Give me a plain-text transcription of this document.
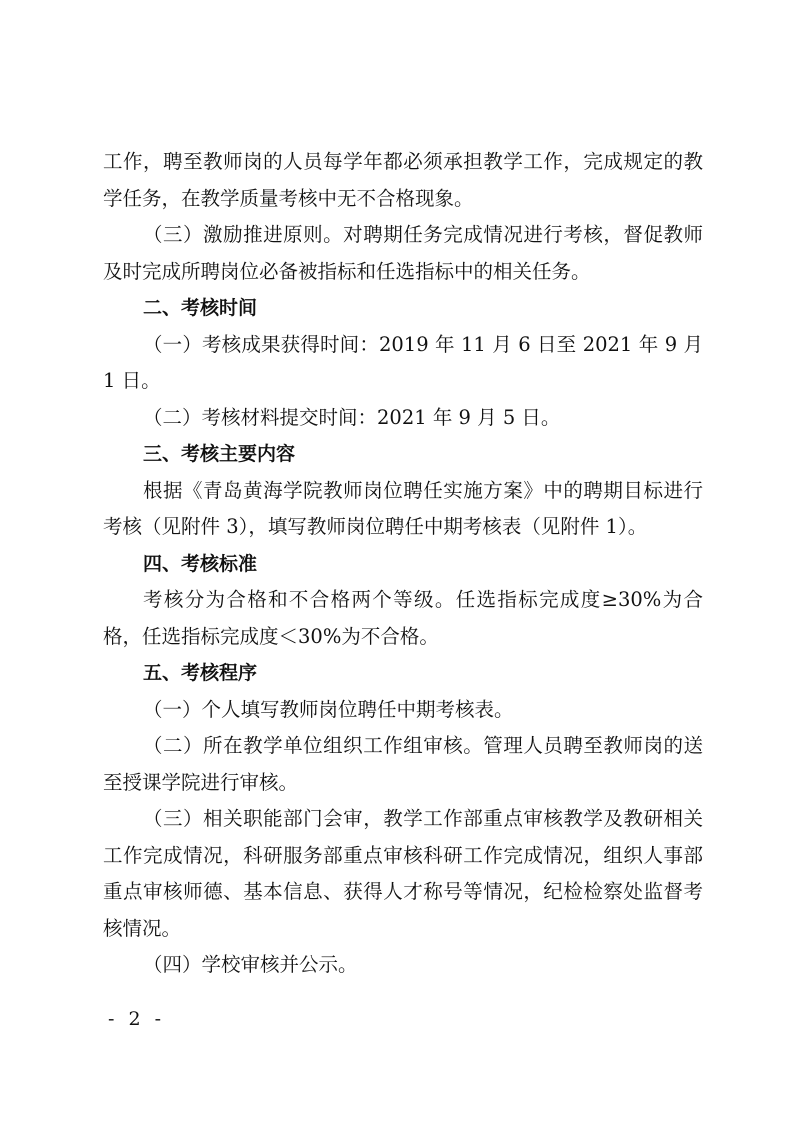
工作，聘至教师岗的人员每学年都必须承担教学工作，完成规定的教学任务，在教学质量考核中无不合格现象。

（三）激励推进原则。对聘期任务完成情况进行考核，督促教师及时完成所聘岗位必备被指标和任选指标中的相关任务。

二、考核时间

（一）考核成果获得时间：2019 年 11 月 6 日至 2021 年 9 月 1 日。

（二）考核材料提交时间：2021 年 9 月 5 日。

三、考核主要内容

根据《青岛黄海学院教师岗位聘任实施方案》中的聘期目标进行考核（见附件 3），填写教师岗位聘任中期考核表（见附件 1）。

四、考核标准

考核分为合格和不合格两个等级。任选指标完成度≥30%为合格，任选指标完成度＜30%为不合格。

五、考核程序

（一）个人填写教师岗位聘任中期考核表。

（二）所在教学单位组织工作组审核。管理人员聘至教师岗的送至授课学院进行审核。

（三）相关职能部门会审，教学工作部重点审核教学及教研相关工作完成情况，科研服务部重点审核科研工作完成情况，组织人事部重点审核师德、基本信息、获得人才称号等情况，纪检检察处监督考核情况。

（四）学校审核并公示。

- 2 -
